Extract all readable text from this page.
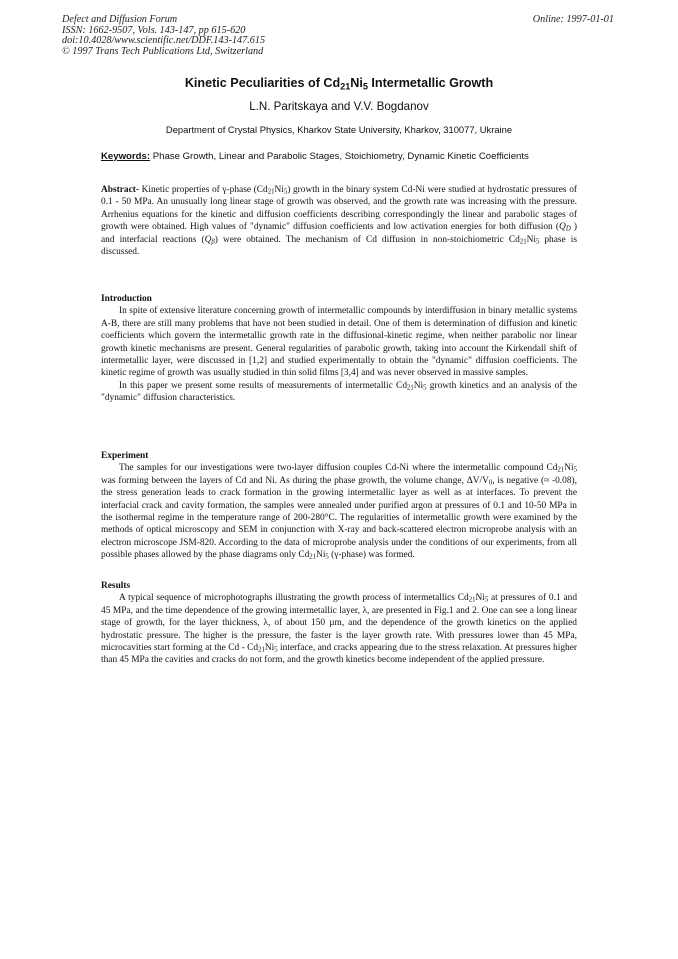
Defect and Diffusion Forum
ISSN: 1662-9507, Vols. 143-147, pp 615-620
doi:10.4028/www.scientific.net/DDF.143-147.615
© 1997 Trans Tech Publications Ltd, Switzerland
Online: 1997-01-01
Kinetic Peculiarities of $Cd_{21}Ni_5$ Intermetallic Growth
L.N. Paritskaya and V.V. Bogdanov
Department of Crystal Physics, Kharkov State University, Kharkov, 310077, Ukraine
Keywords: Phase Growth, Linear and Parabolic Stages, Stoichiometry, Dynamic Kinetic Coefficients

Abstract- Kinetic properties of γ-phase $(Cd_{21}Ni_5)$ growth in the binary system Cd-Ni were studied at hydrostatic pressures of 0.1 - 50 MPa. An unusually long linear stage of growth was observed, and the growth rate was increasing with the pressure. Arrhenius equations for the kinetic and diffusion coefficients describing correspondingly the linear and parabolic stages of growth were obtained. High values of "dynamic" diffusion coefficients and low activation energies for both diffusion ($Q_D$ ) and interfacial reactions $(Q_\beta)$ were obtained. The mechanism of Cd diffusion in non-stoichiometric $Cd_{21}Ni_5$ phase is discussed.

Introduction

In spite of extensive literature concerning growth of intermetallic compounds by interdiffusion in binary metallic systems A-B, there are still many problems that have not been studied in detail. One of them is determination of diffusion and kinetic coefficients which govern the intermetallic growth rate in the diffusional-kinetic regime, when neither parabolic nor linear growth kinetic mechanisms are present. General regularities of parabolic growth, taking into account the Kirkendall shift of intermetallic layer, were discussed in [1,2] and studied experimentally to obtain the "dynamic" diffusion coefficients. The kinetic regime of growth was usually studied in thin solid films [3,4] and was never observed in massive samples.

In this paper we present some results of measurements of intermetallic $Cd_{21}Ni_5$ growth kinetics and an analysis of the "dynamic" diffusion characteristics.

Experiment

The samples for our investigations were two-layer diffusion couples Cd-Ni where the intermetallic compound $Cd_{21}Ni_5$ was forming between the layers of Cd and Ni. As during the phase growth, the volume change, $\Delta V/V_0$, is negative (≈ -0.08), the stress generation leads to crack formation in the growing intermetallic layer as well as at interfaces. To prevent the interfacial crack and cavity formation, the samples were annealed under purified argon at pressures of 0.1 and 10-50 MPa in the isothermal regime in the temperature range of 200-280°C. The regularities of intermetallic growth were examined by the methods of optical microscopy and SEM in conjunction with X-ray and back-scattered electron microprobe analysis with an electron microscope JSM-820. According to the data of microprobe analysis under the conditions of our experiments, from all possible phases allowed by the phase diagrams only $Cd_{21}Ni_5$ (γ-phase) was formed.

Results

A typical sequence of microphotographs illustrating the growth process of intermetallics $Cd_{21}Ni_5$ at pressures of 0.1 and 45 MPa, and the time dependence of the growing intermetallic layer, λ, are presented in Fig.1 and 2. One can see a long linear stage of growth, for the layer thickness, λ, of about 150 µm, and the dependence of the growth kinetics on the applied hydrostatic pressure. The higher is the pressure, the faster is the layer growth rate. With pressures lower than 45 MPa, microcavities start forming at the Cd - $Cd_{21}Ni_5$ interface, and cracks appearing due to the stress relaxation. At pressures higher than 45 MPa the cavities and cracks do not form, and the growth kinetics become independent of the applied pressure.
